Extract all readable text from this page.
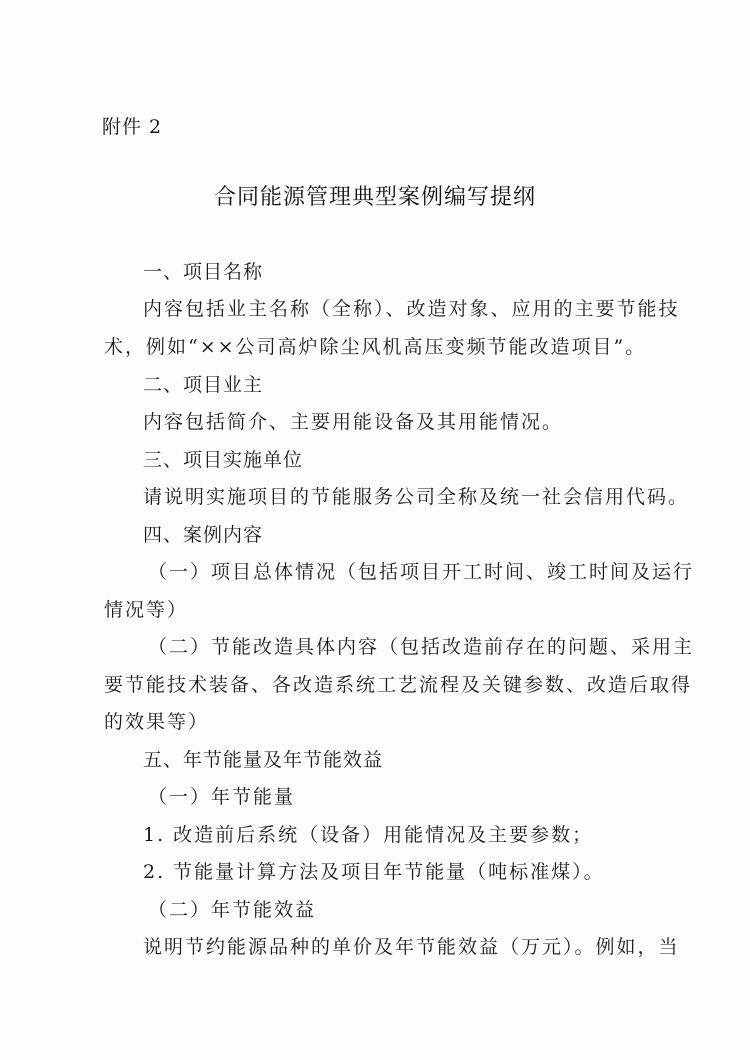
附件 2
合同能源管理典型案例编写提纲
一、项目名称
内容包括业主名称（全称）、改造对象、应用的主要节能技
术，例如“××公司高炉除尘风机高压变频节能改造项目”。
二、项目业主
内容包括简介、主要用能设备及其用能情况。
三、项目实施单位
请说明实施项目的节能服务公司全称及统一社会信用代码。
四、案例内容
（一）项目总体情况（包括项目开工时间、竣工时间及运行
情况等）
（二）节能改造具体内容（包括改造前存在的问题、采用主
要节能技术装备、各改造系统工艺流程及关键参数、改造后取得
的效果等）
五、年节能量及年节能效益
（一）年节能量
1. 改造前后系统（设备）用能情况及主要参数；
2. 节能量计算方法及项目年节能量（吨标准煤）。
（二）年节能效益
说明节约能源品种的单价及年节能效益（万元）。例如，当
